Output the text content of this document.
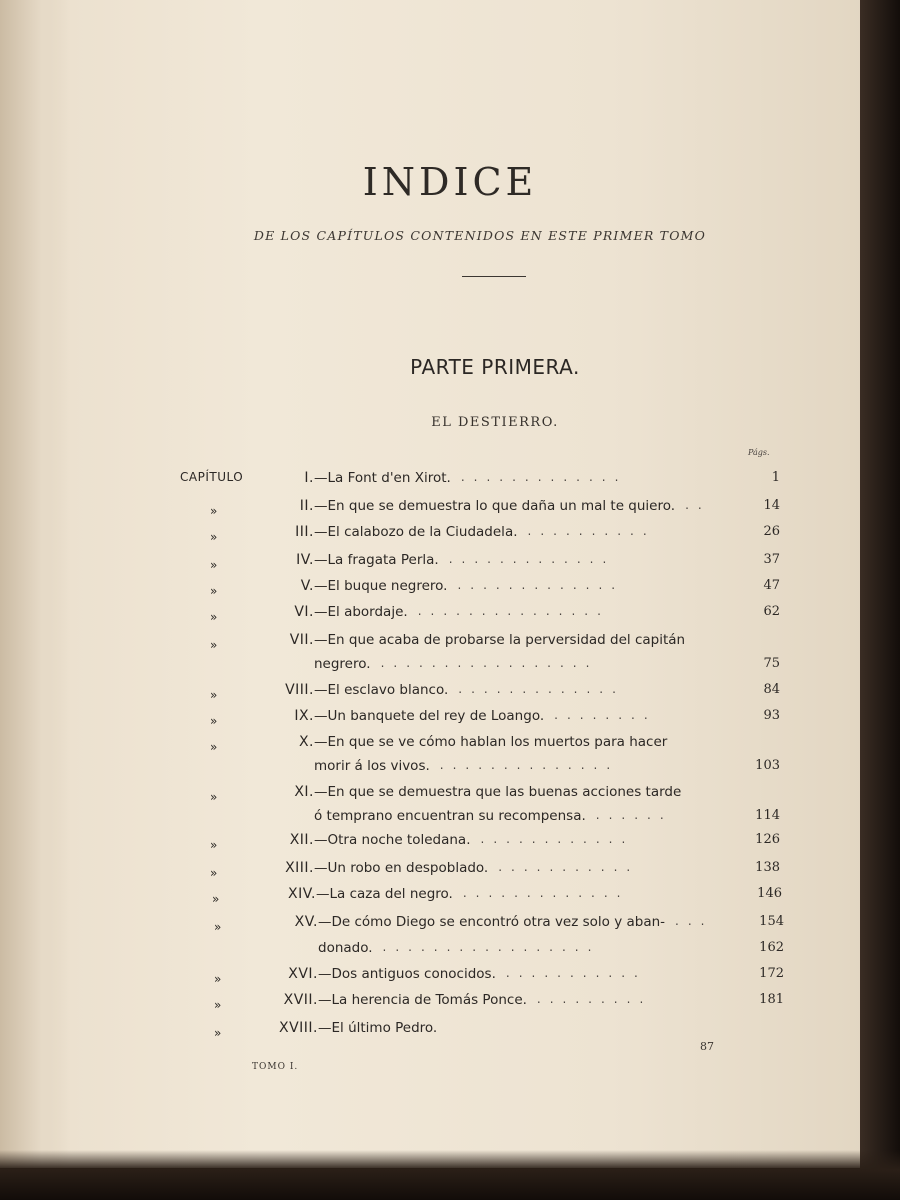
INDICE
DE LOS CAPÍTULOS CONTENIDOS EN ESTE PRIMER TOMO
PARTE PRIMERA.
EL DESTIERRO.
Págs.
CAPÍTULO	I. —La Font d'en Xirot.	1
.............
»	II. —En que se demuestra lo que daña un mal te quiero.	14
..
»	III. —El calabozo de la Ciudadela.	26
..........
»	IV. —La fragata Perla.	37
.............
»	V. —El buque negrero.	47
.............
»	VI. —El abordaje.	62
...............
»	VII. —En que acaba de probarse la perversidad del capitán
negrero.	75
.................
»	VIII. —El esclavo blanco.	84
.............
»	IX. —Un banquete del rey de Loango.	93
........
»	X. —En que se ve cómo hablan los muertos para hacer
morir á los vivos.	103
..............
»	XI. —En que se demuestra que las buenas acciones tarde
ó temprano encuentran su recompensa.	114
......
»	XII. —Otra noche toledana.	126
............
»	XIII. —Un robo en despoblado.	138
...........
»	XIV. —La caza del negro.	146
.............
»	XV. —De cómo Diego se encontró otra vez solo y aban-	154
...
donado.	162
.................
»	XVI. —Dos antiguos conocidos.	172
...........
»	XVII. —La herencia de Tomás Ponce.	181
.........
»	XVIII. —El último Pedro.
87
TOMO I.
